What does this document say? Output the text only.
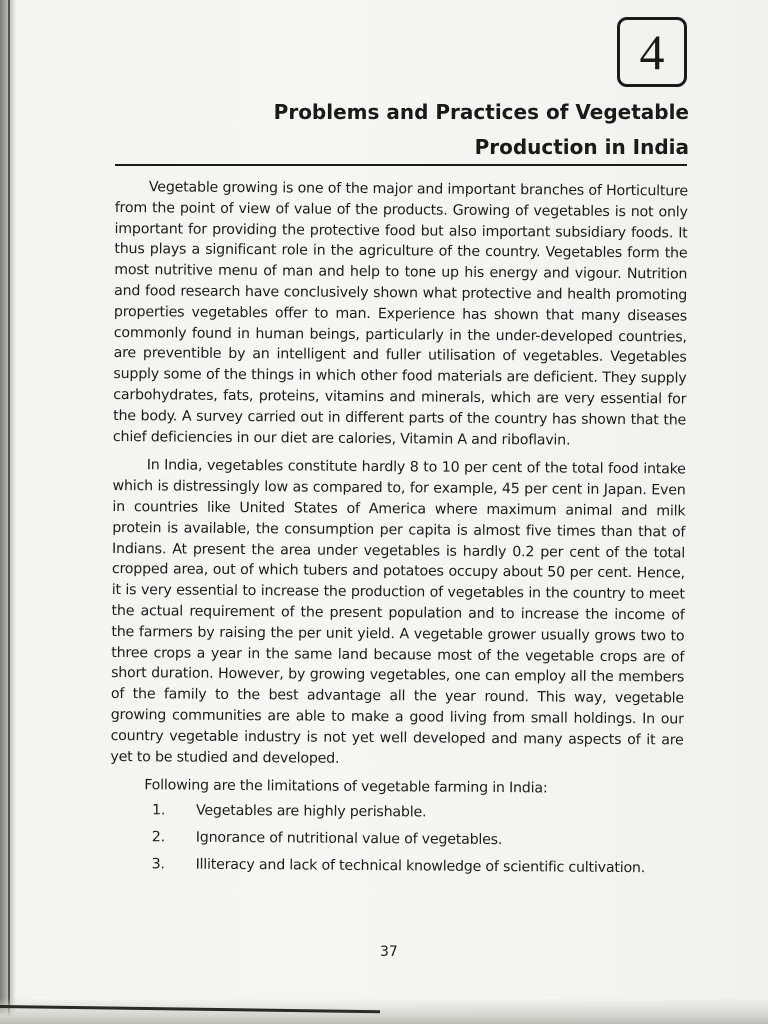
4
Problems and Practices of Vegetable
Production in India

Vegetable growing is one of the major and important branches of Horticulture from the point of view of value of the products. Growing of vegetables is not only important for providing the protective food but also important subsidiary foods. It thus plays a significant role in the agriculture of the country. Vegetables form the most nutritive menu of man and help to tone up his energy and vigour. Nutrition and food research have conclusively shown what protective and health promoting properties vegetables offer to man. Experience has shown that many diseases commonly found in human beings, particularly in the under-developed countries, are preventible by an intelligent and fuller utilisation of vegetables. Vegetables supply some of the things in which other food materials are deficient. They supply carbohydrates, fats, proteins, vitamins and minerals, which are very essential for the body. A survey carried out in different parts of the country has shown that the chief deficiencies in our diet are calories, Vitamin A and riboflavin.

In India, vegetables constitute hardly 8 to 10 per cent of the total food intake which is distressingly low as compared to, for example, 45 per cent in Japan. Even in countries like United States of America where maximum animal and milk protein is available, the consumption per capita is almost five times than that of Indians. At present the area under vegetables is hardly 0.2 per cent of the total cropped area, out of which tubers and potatoes occupy about 50 per cent. Hence, it is very essential to increase the production of vegetables in the country to meet the actual requirement of the present population and to increase the income of the farmers by raising the per unit yield. A vegetable grower usually grows two to three crops a year in the same land because most of the vegetable crops are of short duration. However, by growing vegetables, one can employ all the members of the family to the best advantage all the year round. This way, vegetable growing communities are able to make a good living from small holdings. In our country vegetable industry is not yet well developed and many aspects of it are yet to be studied and developed.

Following are the limitations of vegetable farming in India:

1.	Vegetables are highly perishable.
2.	Ignorance of nutritional value of vegetables.
3.	Illiteracy and lack of technical knowledge of scientific cultivation.
37
